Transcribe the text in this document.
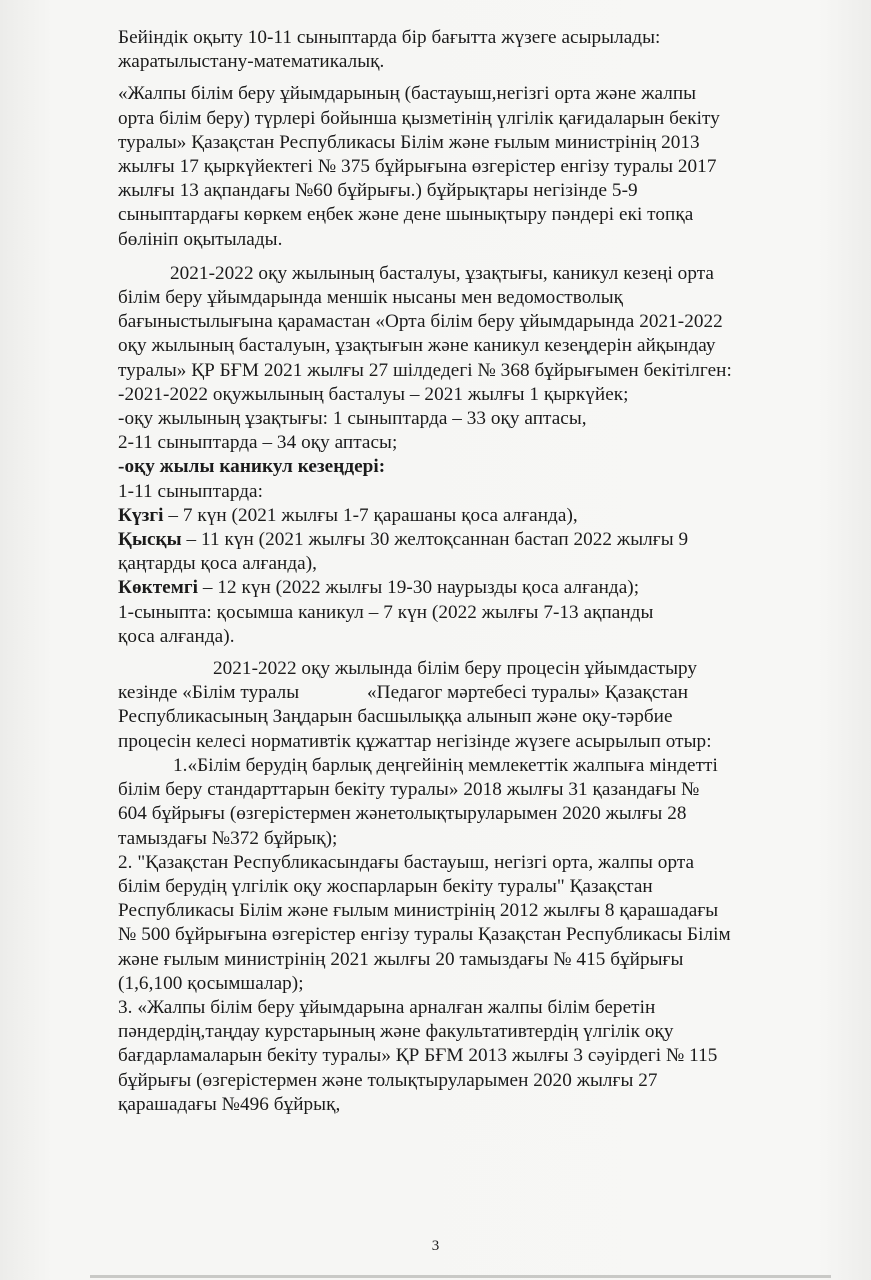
Бейіндік оқыту 10-11 сыныптарда бір бағытта жүзеге асырылады:
жаратылыстану-математикалық.
«Жалпы білім беру ұйымдарының (бастауыш,негізгі орта және жалпы
орта білім беру) түрлері бойынша қызметінің үлгілік қағидаларын бекіту
туралы» Қазақстан Республикасы Білім және ғылым министрінің 2013
жылғы 17 қыркүйектегі № 375 бұйрығына өзгерістер енгізу туралы 2017
жылғы 13 ақпандағы №60 бұйрығы.) бұйрықтары негізінде 5-9
сыныптардағы көркем еңбек және дене шынықтыру пәндері екі топқа
бөлініп оқытылады.
2021-2022 оқу жылының басталуы, ұзақтығы, каникул кезеңі орта
білім беру ұйымдарында меншік нысаны мен ведомостволық
бағыныстылығына қарамастан «Орта білім беру ұйымдарында 2021-2022
оқу жылының басталуын, ұзақтығын және каникул кезеңдерін айқындау
туралы» ҚР БҒМ 2021 жылғы 27 шілдедегі № 368 бұйрығымен бекітілген:
-2021-2022 оқужылының басталуы – 2021 жылғы 1 қыркүйек;
-оқу жылының ұзақтығы: 1 сыныптарда – 33 оқу аптасы,
2-11 сыныптарда – 34 оқу аптасы;
-оқу жылы каникул кезеңдері:
1-11 сыныптарда:
Күзгі – 7 күн (2021 жылғы 1-7 қарашаны қоса алғанда),
Қысқы – 11 күн (2021 жылғы 30 желтоқсаннан бастап 2022 жылғы 9
қаңтарды қоса алғанда),
Көктемгі – 12 күн (2022 жылғы 19-30 наурызды қоса алғанда);
1-сыныпта: қосымша каникул – 7 күн (2022 жылғы 7-13 ақпанды
қоса алғанда).
2021-2022 оқу жылында білім беру процесін ұйымдастыру
кезінде «Білім туралы              «Педагог мәртебесі туралы» Қазақстан
Республикасының Заңдарын басшылыққа алынып және оқу-тәрбие
процесін келесі нормативтік құжаттар негізінде жүзеге асырылып отыр:
1.«Білім берудің барлық деңгейінің мемлекеттік жалпыға міндетті
білім беру стандарттарын бекіту туралы» 2018 жылғы 31 қазандағы №
604 бұйрығы (өзгерістермен жәнетолықтыруларымен 2020 жылғы 28
тамыздағы №372 бұйрық);
2. "Қазақстан Республикасындағы бастауыш, негізгі орта, жалпы орта
білім берудің үлгілік оқу жоспарларын бекіту туралы" Қазақстан
Республикасы Білім және ғылым министрінің 2012 жылғы 8 қарашадағы
№ 500 бұйрығына өзгерістер енгізу туралы Қазақстан Республикасы Білім
және ғылым министрінің 2021 жылғы 20 тамыздағы № 415 бұйрығы
(1,6,100 қосымшалар);
3. «Жалпы білім беру ұйымдарына арналған жалпы білім беретін
пәндердің,таңдау курстарының және факультативтердің үлгілік оқу
бағдарламаларын бекіту туралы» ҚР БҒМ 2013 жылғы 3 сәуірдегі № 115
бұйрығы (өзгерістермен және толықтыруларымен 2020 жылғы 27
қарашадағы №496 бұйрық,
3
